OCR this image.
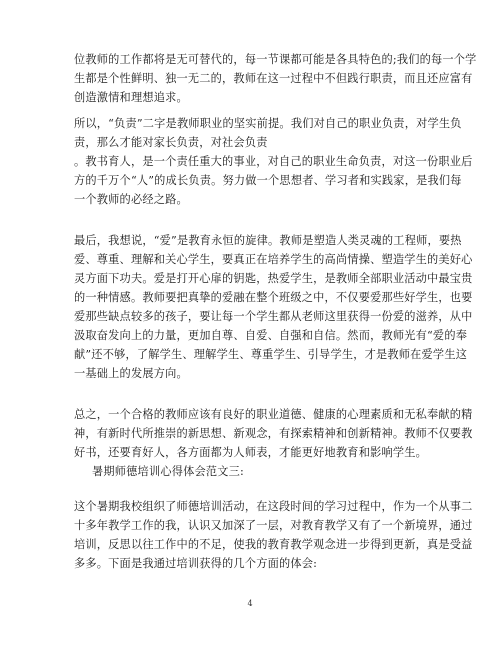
位教师的工作都将是无可替代的，每一节课都可能是各具特色的;我们的每一个学
生都是个性鲜明、独一无二的，教师在这一过程中不但践行职责，而且还应富有
创造激情和理想追求。
所以，“负责”二字是教师职业的坚实前提。我们对自己的职业负责，对学生负
责，那么才能对家长负责，对社会负责
。教书育人，是一个责任重大的事业，对自己的职业生命负责，对这一份职业后
方的千万个“人”的成长负责。努力做一个思想者、学习者和实践家，是我们每
一个教师的必经之路。
最后，我想说，“爱”是教育永恒的旋律。教师是塑造人类灵魂的工程师，要热
爱、尊重、理解和关心学生，要真正在培养学生的高尚情操、塑造学生的美好心
灵方面下功夫。爱是打开心扉的钥匙，热爱学生，是教师全部职业活动中最宝贵
的一种情感。教师要把真挚的爱融在整个班级之中，不仅要爱那些好学生，也要
爱那些缺点较多的孩子，要让每一个学生都从老师这里获得一份爱的滋养，从中
汲取奋发向上的力量，更加自尊、自爱、自强和自信。然而，教师光有“爱的奉
献”还不够，了解学生、理解学生、尊重学生、引导学生，才是教师在爱学生这
一基础上的发展方向。
总之，一个合格的教师应该有良好的职业道德、健康的心理素质和无私奉献的精
神，有新时代所推崇的新思想、新观念，有探索精神和创新精神。教师不仅要教
好书，还要育好人，各方面都为人师表，才能更好地教育和影响学生。
暑期师德培训心得体会范文三:
这个暑期我校组织了师德培训活动，在这段时间的学习过程中，作为一个从事二
十多年教学工作的我，认识又加深了一层，对教育教学又有了一个新境界，通过
培训，反思以往工作中的不足，使我的教育教学观念进一步得到更新，真是受益
多多。下面是我通过培训获得的几个方面的体会:
4
